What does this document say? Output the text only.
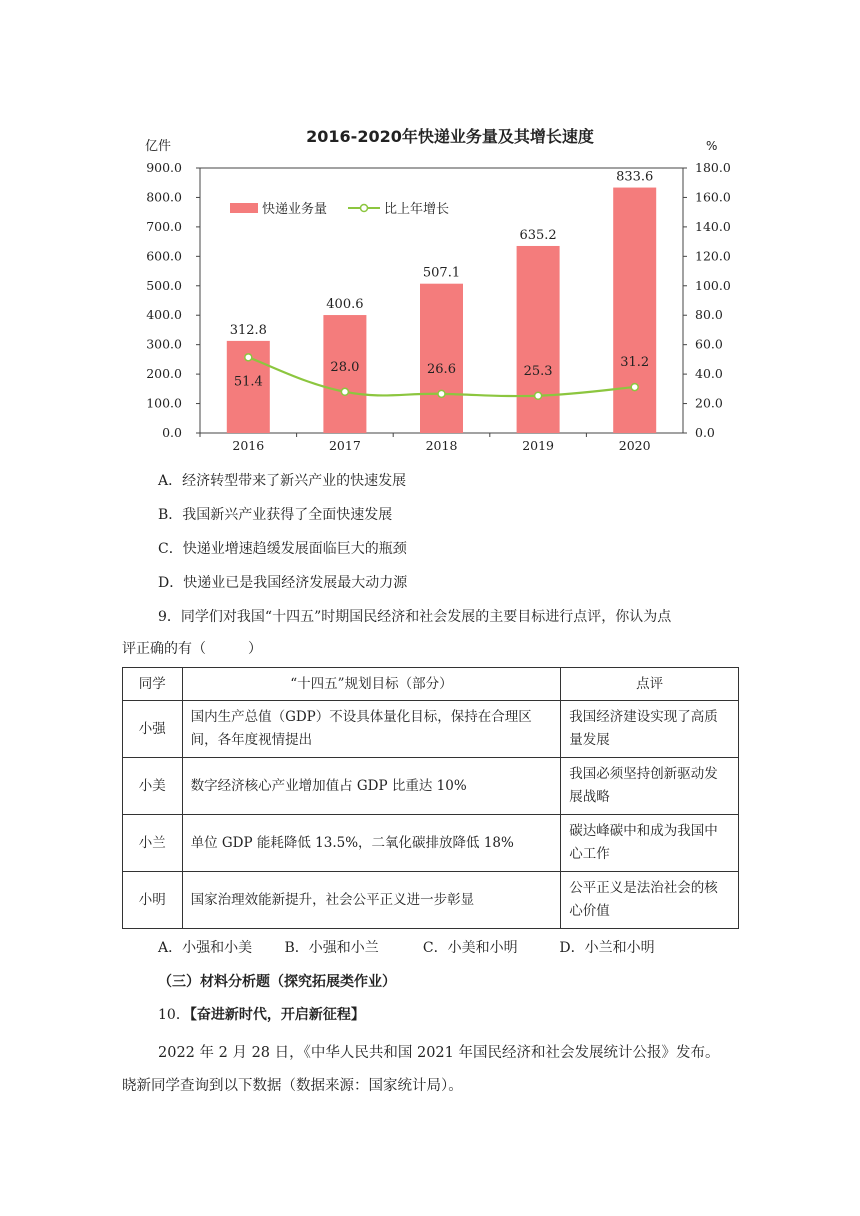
2016-2020年快递业务量及其增长速度
亿件	%
0.0
100.0
200.0
300.0
400.0
500.0
600.0
700.0
800.0
900.0
0.0
20.0
40.0
60.0
80.0
100.0
120.0
140.0
160.0
180.0
312.8
400.6
507.1
635.2
833.6
51.4
28.0	26.6	25.3
31.2
2016	2017	2018	2019	2020
快递业务量	比上年增长
A．经济转型带来了新兴产业的快速发展
B．我国新兴产业获得了全面快速发展
C．快递业增速趋缓发展面临巨大的瓶颈
D．快递业已是我国经济发展最大动力源
9．同学们对我国“十四五”时期国民经济和社会发展的主要目标进行点评，你认为点
评正确的有（　　　）
同学	“十四五”规划目标（部分）	点评
小强	国内生产总值（GDP）不设具体量化目标，保持在合理区间，各年度视情提出	我国经济建设实现了高质量发展
小美	数字经济核心产业增加值占 GDP 比重达 10%	我国必须坚持创新驱动发展战略
小兰	单位 GDP 能耗降低 13.5%，二氧化碳排放降低 18%	碳达峰碳中和成为我国中心工作
小明	国家治理效能新提升，社会公平正义进一步彰显	公平正义是法治社会的核心价值
A．小强和小美 B．小强和小兰	C．小美和小明	D．小兰和小明
（三）材料分析题（探究拓展类作业）
10．【奋进新时代，开启新征程】
2022 年 2 月 28 日，《中华人民共和国 2021 年国民经济和社会发展统计公报》发布。
晓新同学查询到以下数据（数据来源：国家统计局）。
